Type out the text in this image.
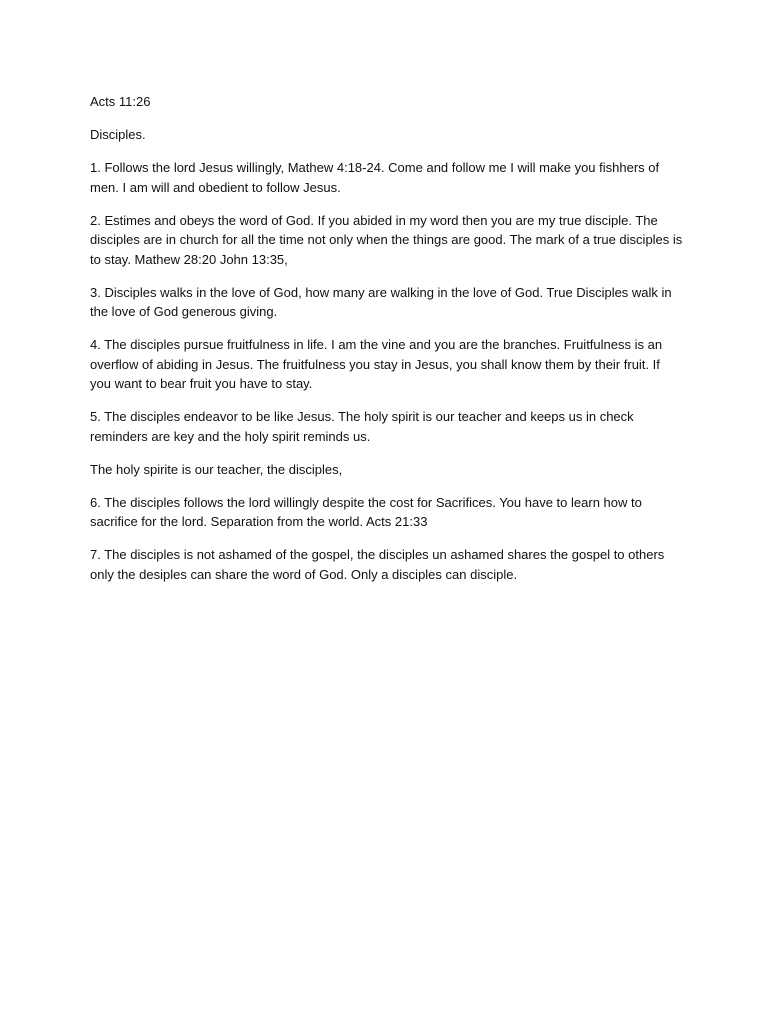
Acts 11:26

Disciples.

1. Follows the lord Jesus willingly, Mathew 4:18-24. Come and follow me I will make you fishhers of men. I am will and obedient to follow Jesus.

2. Estimes and obeys the word of God. If you abided in my word then you are my true disciple. The disciples are in church for all the time not only when the things are good. The mark of a true disciples is to stay. Mathew 28:20 John 13:35,

3. Disciples walks in the love of God, how many are walking in the love of God. True Disciples walk in the love of God generous giving.

4. The disciples pursue fruitfulness in life. I am the vine and you are the branches. Fruitfulness is an overflow of abiding in Jesus. The fruitfulness you stay in Jesus, you shall know them by their fruit. If you want to bear fruit you have to stay.

5. The disciples endeavor to be like Jesus. The holy spirit is our teacher and keeps us in check reminders are key and the holy spirit reminds us.

The holy spirite is our teacher, the disciples,

6. The disciples follows the lord willingly despite the cost for Sacrifices. You have to learn how to sacrifice for the lord. Separation from the world. Acts 21:33

7. The disciples is not ashamed of the gospel, the disciples un ashamed shares the gospel to others only the desiples can share the word of God. Only a disciples can disciple.
